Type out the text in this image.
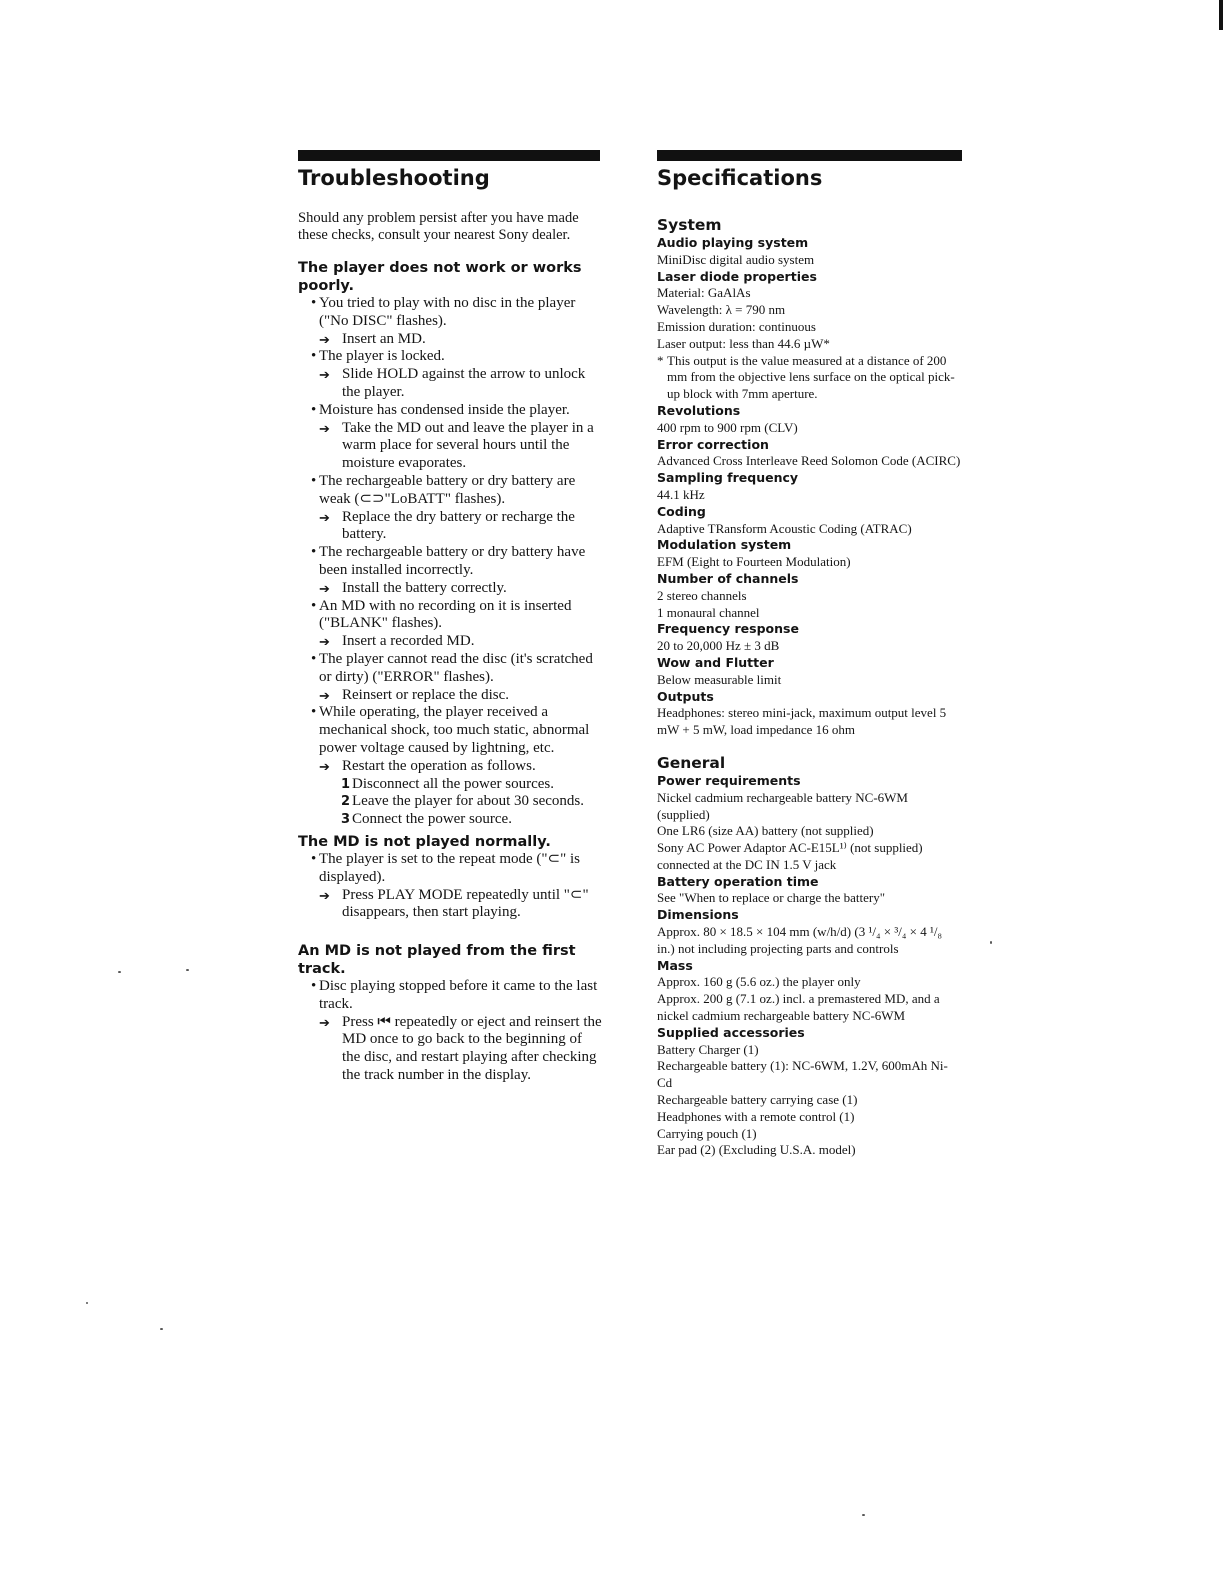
Troubleshooting

Should any problem persist after you have made these checks, consult your nearest Sony dealer.

The player does not work or works poorly.

• You tried to play with no disc in the player ("No DISC" flashes).

➔ Insert an MD.

• The player is locked.

➔ Slide HOLD against the arrow to unlock the player.

• Moisture has condensed inside the player.

➔ Take the MD out and leave the player in a warm place for several hours until the moisture evaporates.

• The rechargeable battery or dry battery are weak (⊂⊃"LoBATT" flashes).

➔ Replace the dry battery or recharge the battery.

• The rechargeable battery or dry battery have been installed incorrectly.

➔ Install the battery correctly.

• An MD with no recording on it is inserted ("BLANK" flashes).

➔ Insert a recorded MD.

• The player cannot read the disc (it's scratched or dirty) ("ERROR" flashes).

➔ Reinsert or replace the disc.

• While operating, the player received a mechanical shock, too much static, abnormal power voltage caused by lightning, etc.

➔ Restart the operation as follows.

1 Disconnect all the power sources.

2 Leave the player for about 30 seconds.

3 Connect the power source.

The MD is not played normally.

• The player is set to the repeat mode ("⊂" is displayed).

➔ Press PLAY MODE repeatedly until "⊂" disappears, then start playing.

An MD is not played from the first track.

• Disc playing stopped before it came to the last track.

➔ Press ⏮ repeatedly or eject and reinsert the MD once to go back to the beginning of the disc, and restart playing after checking the track number in the display.

Specifications
System
Audio playing system
MiniDisc digital audio system
Laser diode properties
Material: GaAlAs
Wavelength: λ = 790 nm
Emission duration: continuous
Laser output: less than 44.6 µW*
* This output is the value measured at a distance of 200 mm from the objective lens surface on the optical pick-up block with 7mm aperture.
Revolutions
400 rpm to 900 rpm (CLV)
Error correction
Advanced Cross Interleave Reed Solomon Code (ACIRC)
Sampling frequency
44.1 kHz
Coding
Adaptive TRansform Acoustic Coding (ATRAC)
Modulation system
EFM (Eight to Fourteen Modulation)
Number of channels
2 stereo channels
1 monaural channel
Frequency response
20 to 20,000 Hz ± 3 dB
Wow and Flutter
Below measurable limit
Outputs
Headphones: stereo mini-jack, maximum output level 5 mW + 5 mW, load impedance 16 ohm
General
Power requirements
Nickel cadmium rechargeable battery NC-6WM (supplied)
One LR6 (size AA) battery (not supplied)
Sony AC Power Adaptor AC-E15L¹⁾ (not supplied) connected at the DC IN 1.5 V jack
Battery operation time
See "When to replace or charge the battery"
Dimensions
Approx. 80 × 18.5 × 104 mm (w/h/d) (3 ¹/₄ × ³/₄ × 4 ¹/₈ in.) not including projecting parts and controls
Mass
Approx. 160 g (5.6 oz.) the player only
Approx. 200 g (7.1 oz.) incl. a premastered MD, and a nickel cadmium rechargeable battery NC-6WM
Supplied accessories
Battery Charger (1)
Rechargeable battery (1): NC-6WM, 1.2V, 600mAh Ni-Cd
Rechargeable battery carrying case (1)
Headphones with a remote control (1)
Carrying pouch (1)
Ear pad (2) (Excluding U.S.A. model)
